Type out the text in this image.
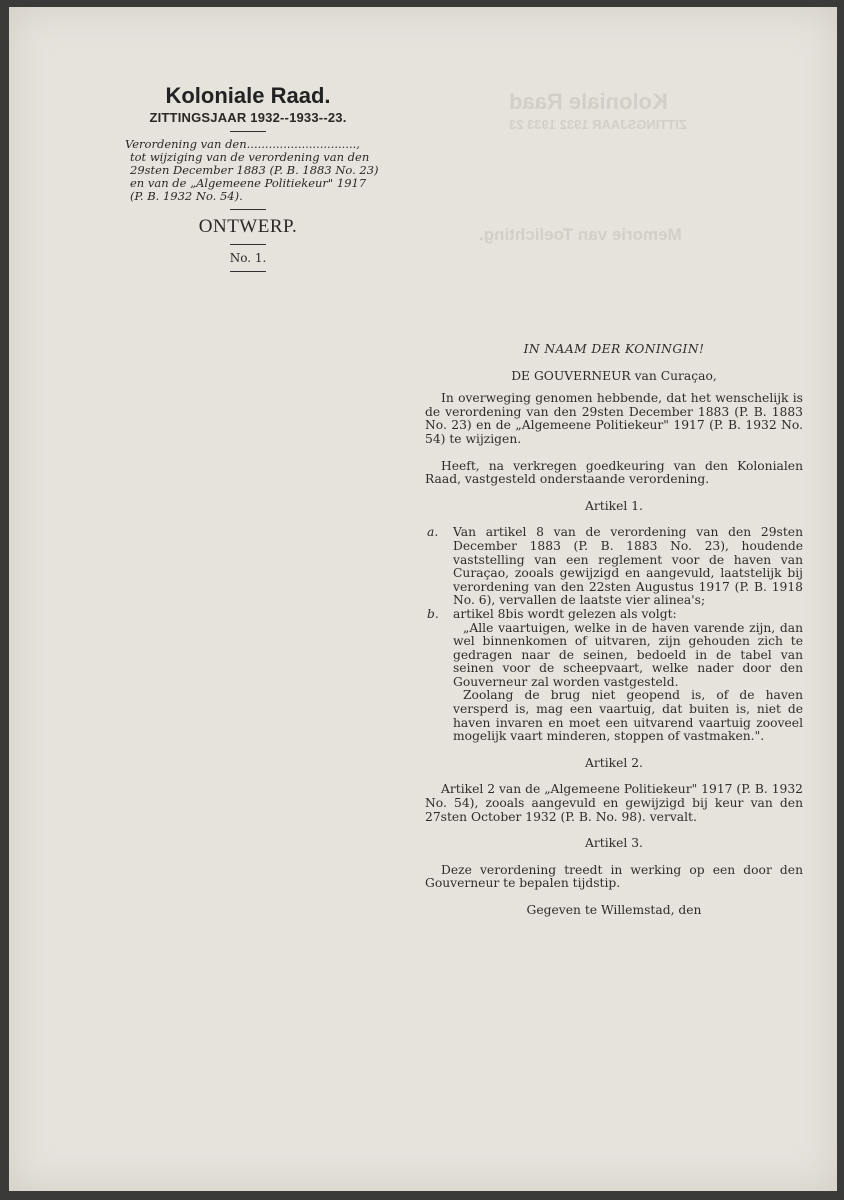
Koloniale Raad
ZITTINGSJAAR 1932 1933 23
Memorie van Toelichting.
Koloniale Raad.
ZITTINGSJAAR 1932--1933--23.
Verordening van den..............................,
tot wijziging van de verordening van den
29sten December 1883 (P. B. 1883 No. 23)
en van de „Algemeene Politiekeur" 1917
(P. B. 1932 No. 54).
ONTWERP.
No. 1.
IN NAAM DER KONINGIN!
DE GOUVERNEUR van Curaçao,
In overweging genomen hebbende, dat het wenschelijk is de verordening van den 29sten December 1883 (P. B. 1883 No. 23) en de „Algemeene Politiekeur" 1917 (P. B. 1932 No. 54) te wijzigen.
Heeft, na verkregen goedkeuring van den Kolonialen Raad, vastgesteld onderstaande verordening.
Artikel 1.
a.	Van artikel 8 van de verordening van den 29sten December 1883 (P. B. 1883 No. 23), houdende vaststelling van een reglement voor de haven van Curaçao, zooals gewijzigd en aangevuld, laatstelijk bij verordening van den 22sten Augustus 1917 (P. B. 1918 No. 6), vervallen de laatste vier alinea's;
b.	artikel 8bis wordt gelezen als volgt:
„Alle vaartuigen, welke in de haven varende zijn, dan wel binnenkomen of uitvaren, zijn gehouden zich te gedragen naar de seinen, bedoeld in de tabel van seinen voor de scheepvaart, welke nader door den Gouverneur zal worden vastgesteld.
Zoolang de brug niet geopend is, of de haven versperd is, mag een vaartuig, dat buiten is, niet de haven invaren en moet een uitvarend vaartuig zooveel mogelijk vaart minderen, stoppen of vastmaken.".
Artikel 2.
Artikel 2 van de „Algemeene Politiekeur" 1917 (P. B. 1932 No. 54), zooals aangevuld en gewijzigd bij keur van den 27sten October 1932 (P. B. No. 98). vervalt.
Artikel 3.
Deze verordening treedt in werking op een door den Gouverneur te bepalen tijdstip.
Gegeven te Willemstad, den
